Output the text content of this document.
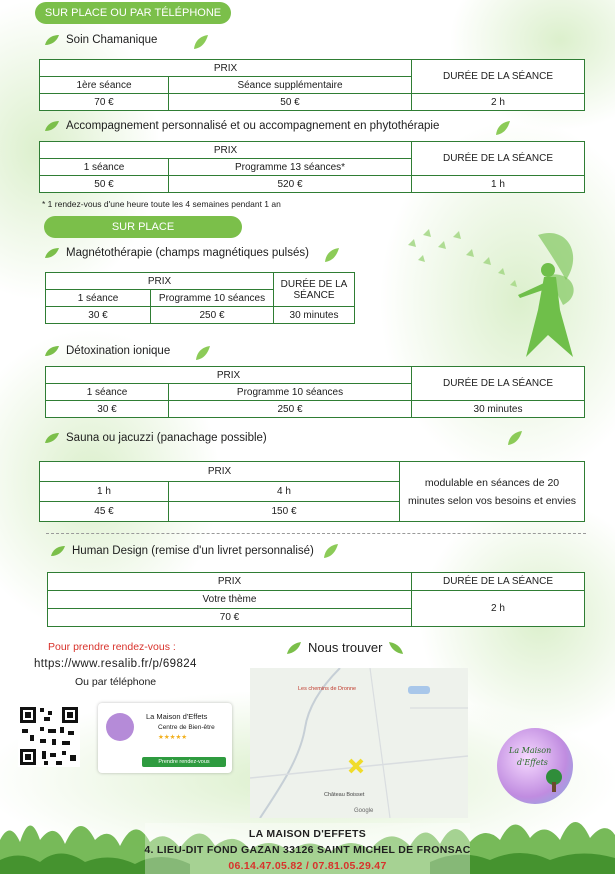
SUR PLACE OU PAR TÉLÉPHONE
Soin Chamanique
PRIX		DURÉE DE LA SÉANCE
1ère séance	Séance supplémentaire	
70 €	50 €	2 h
Accompagnement personnalisé et ou accompagnement en phytothérapie
PRIX		DURÉE DE LA SÉANCE
1 séance	Programme 13 séances*	
50 €	520 €	1 h
* 1 rendez-vous d'une heure toute les 4 semaines pendant 1 an
SUR PLACE
Magnétothérapie (champs magnétiques pulsés)
PRIX		DURÉE DE LA SÉANCE
1 séance	Programme 10 séances	
30 €	250 €	30 minutes
Détoxination ionique
PRIX		DURÉE DE LA SÉANCE
1 séance	Programme 10 séances	
30 €	250 €	30 minutes
Sauna ou jacuzzi (panachage possible)
PRIX		modulable en séances de 20 minutes selon vos besoins et envies
1 h	4 h	
45 €	150 €	
Human Design (remise d'un livret personnalisé)
PRIX	DURÉE DE LA SÉANCE
Votre thème	2 h
70 €	
Pour prendre rendez-vous :
https://www.resalib.fr/p/69824
Ou par téléphone
Nous trouver
La Maison d'Effets
Centre de Bien-être
★★★★★
Prendre rendez-vous
Les chemins de Dronne
Château Boisset
Google
La Maison
d'Effets
LA MAISON D'EFFETS
4. LIEU-DIT FOND GAZAN 33126 SAINT MICHEL DE FRONSAC
06.14.47.05.82 / 07.81.05.29.47
